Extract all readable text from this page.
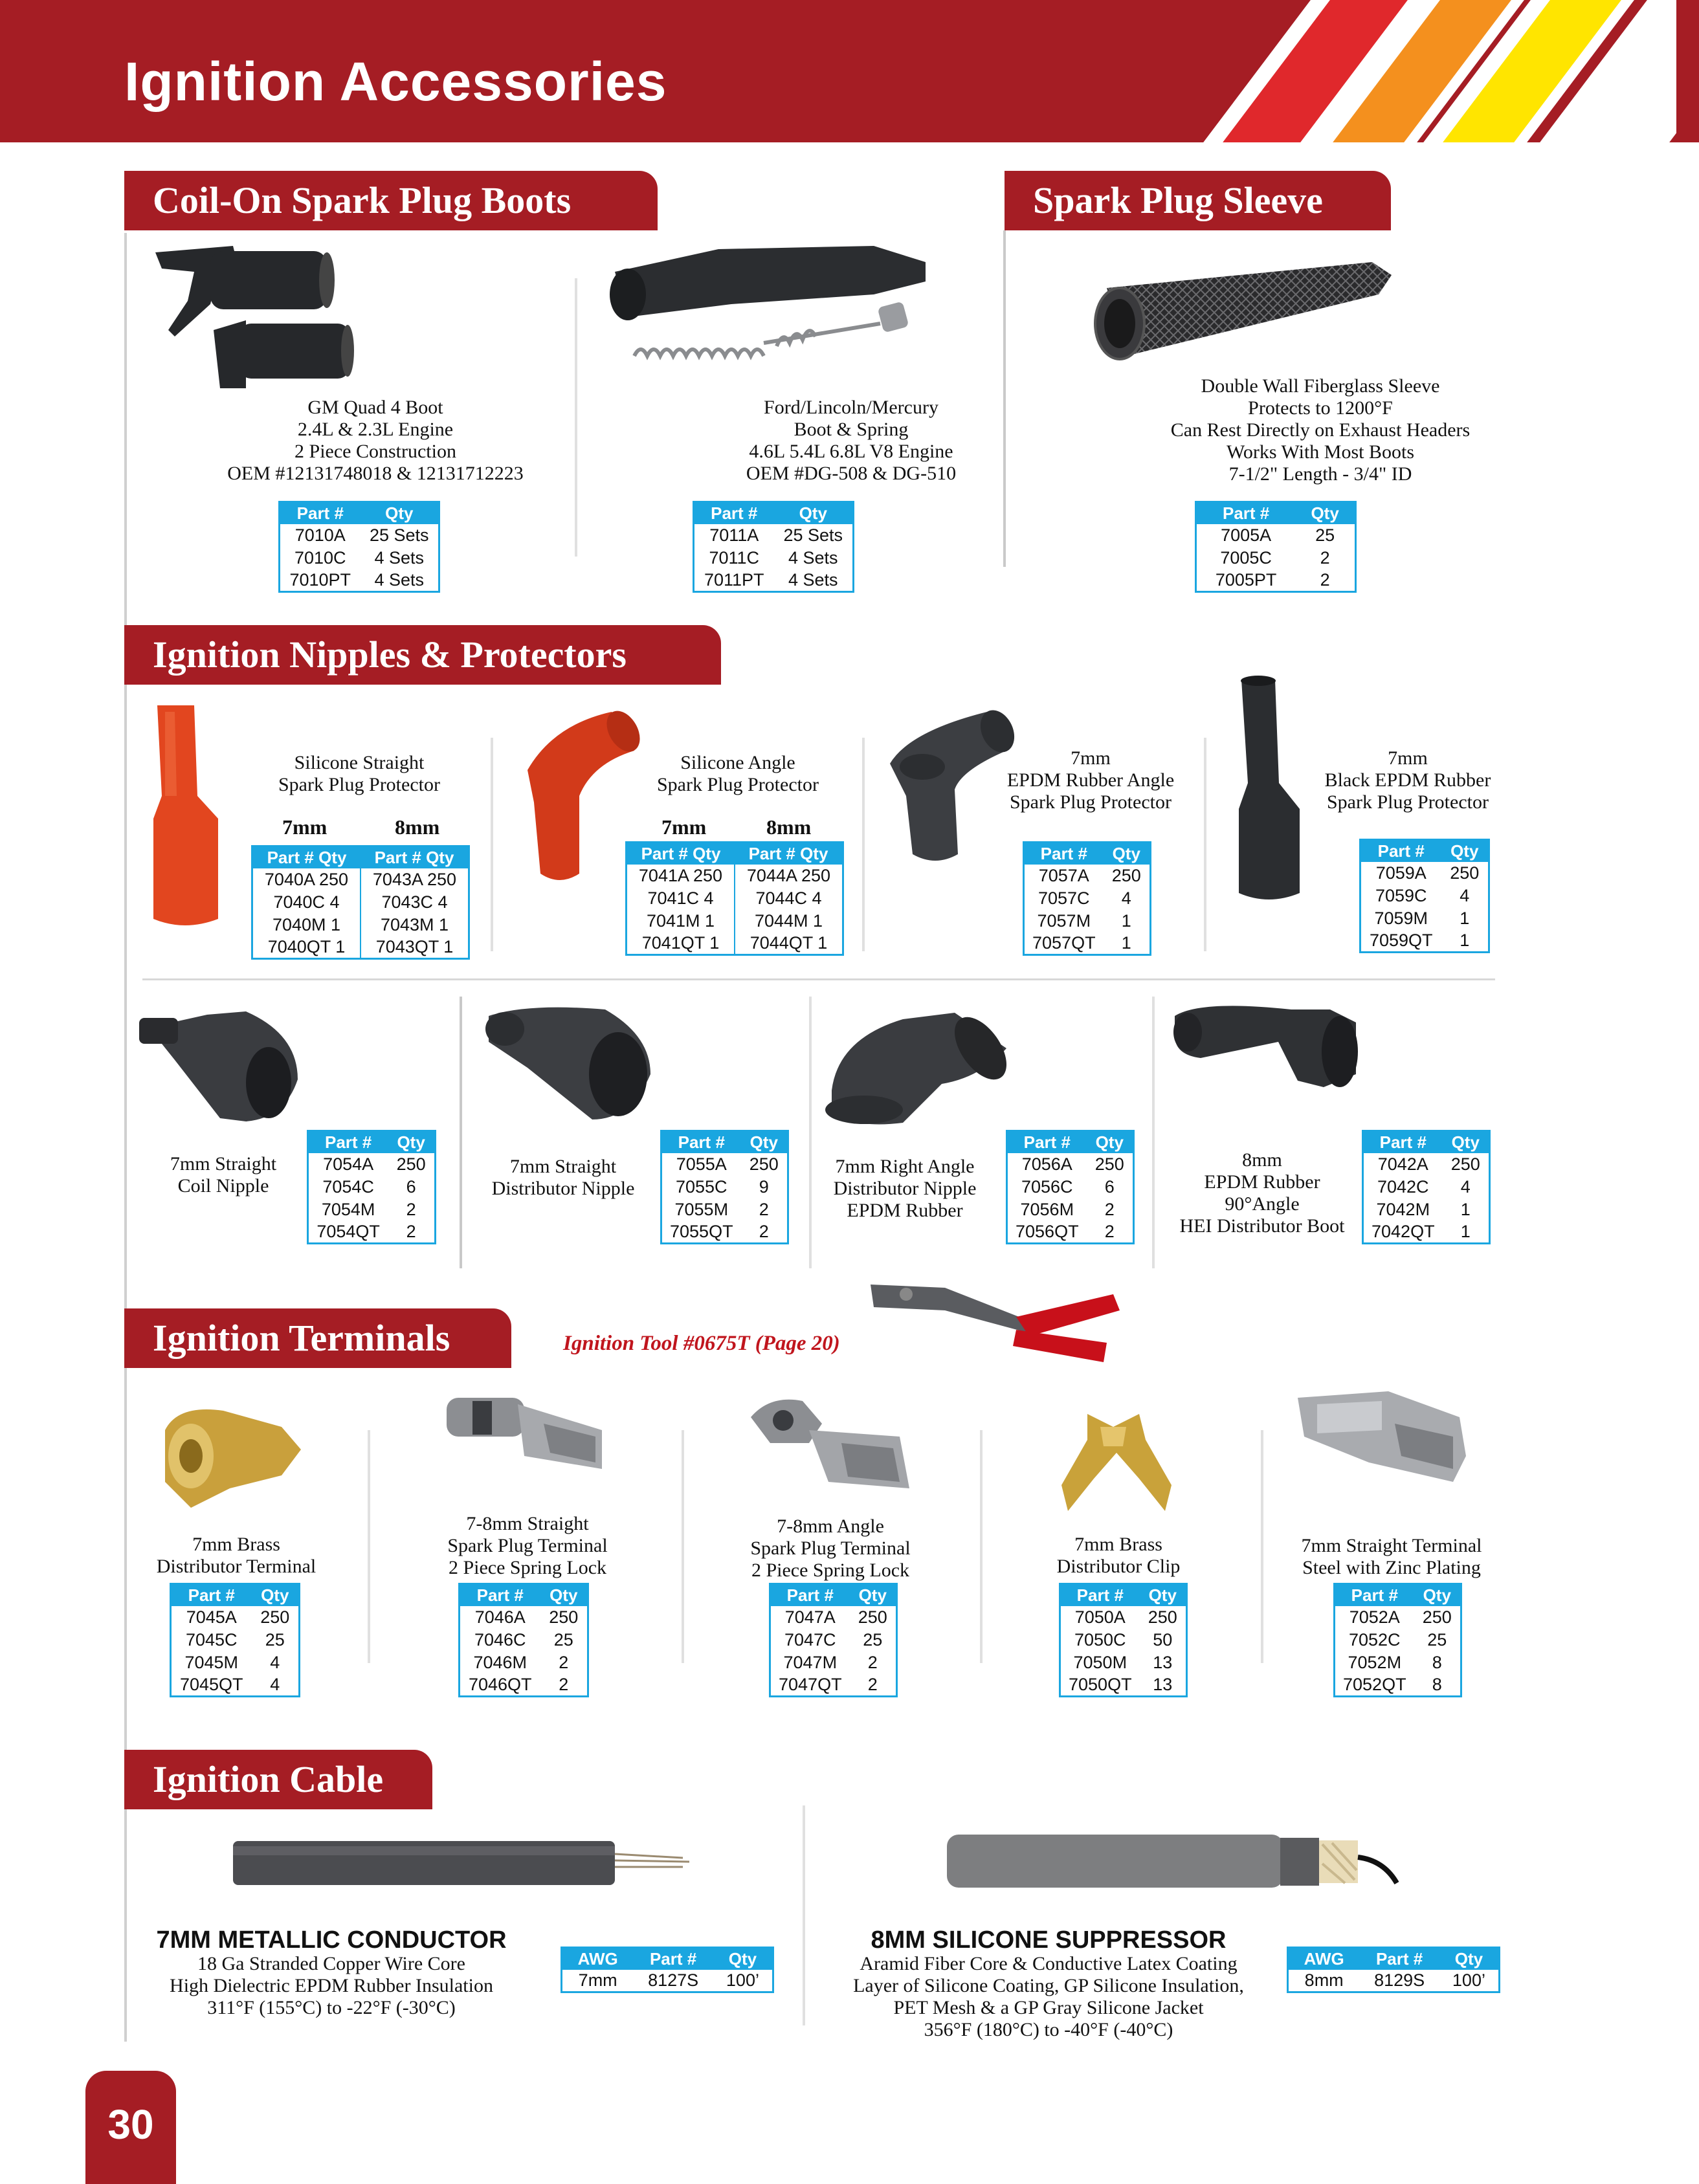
Ignition Accessories
Coil-On Spark Plug Boots	Spark Plug Sleeve
GM Quad 4 Boot
2.4L & 2.3L Engine
2 Piece Construction
OEM #12131748018 & 12131712223
Part #	Qty
7010A	25 Sets
7010C	4 Sets
7010PT	4 Sets
Ford/Lincoln/Mercury
Boot & Spring
4.6L 5.4L 6.8L V8 Engine
OEM #DG-508 & DG-510
Part #	Qty
7011A	25 Sets
7011C	4 Sets
7011PT	4 Sets
Double Wall Fiberglass Sleeve
Protects to 1200°F
Can Rest Directly on Exhaust Headers
Works With Most Boots
7-1/2" Length - 3/4" ID
Part #	Qty
7005A	25
7005C	2
7005PT	2
Ignition Nipples & Protectors
Silicone Straight
Spark Plug Protector
7mm	8mm
Part # Qty	Part # Qty
7040A 250	7043A 250
7040C 4	7043C 4
7040M 1	7043M 1
7040QT 1	7043QT 1
Silicone Angle
Spark Plug Protector
7mm	8mm
Part # Qty	Part # Qty
7041A 250	7044A 250
7041C 4	7044C 4
7041M 1	7044M 1
7041QT 1	7044QT 1
7mm
EPDM Rubber Angle
Spark Plug Protector
Part #	Qty
7057A	250
7057C	4
7057M	1
7057QT	1
7mm
Black EPDM Rubber
Spark Plug Protector
Part #	Qty
7059A	250
7059C	4
7059M	1
7059QT	1
7mm Straight
Coil Nipple
Part #	Qty
7054A	250
7054C	6
7054M	2
7054QT	2
7mm Straight
Distributor Nipple
Part #	Qty
7055A	250
7055C	9
7055M	2
7055QT	2
7mm Right Angle
Distributor Nipple
EPDM Rubber
Part #	Qty
7056A	250
7056C	6
7056M	2
7056QT	2
8mm
EPDM Rubber
90°Angle
HEI Distributor Boot
Part #	Qty
7042A	250
7042C	4
7042M	1
7042QT	1
Ignition Terminals	Ignition Tool #0675T (Page 20)
7mm Brass
Distributor Terminal
Part #	Qty
7045A	250
7045C	25
7045M	4
7045QT	4
7-8mm Straight
Spark Plug Terminal
2 Piece Spring Lock
Part #	Qty
7046A	250
7046C	25
7046M	2
7046QT	2
7-8mm Angle
Spark Plug Terminal
2 Piece Spring Lock
Part #	Qty
7047A	250
7047C	25
7047M	2
7047QT	2
7mm Brass
Distributor Clip
Part #	Qty
7050A	250
7050C	50
7050M	13
7050QT	13
7mm Straight Terminal
Steel with Zinc Plating
Part #	Qty
7052A	250
7052C	25
7052M	8
7052QT	8
Ignition Cable
7MM METALLIC CONDUCTOR
18 Ga Stranded Copper Wire Core
High Dielectric EPDM Rubber Insulation
311°F (155°C) to -22°F (-30°C)
AWG	Part #	Qty
7mm	8127S	100’
8MM SILICONE SUPPRESSOR
Aramid Fiber Core & Conductive Latex Coating
Layer of Silicone Coating, GP Silicone Insulation,
PET Mesh & a GP Gray Silicone Jacket
356°F (180°C) to -40°F (-40°C)
AWG	Part #	Qty
8mm	8129S	100’
30
